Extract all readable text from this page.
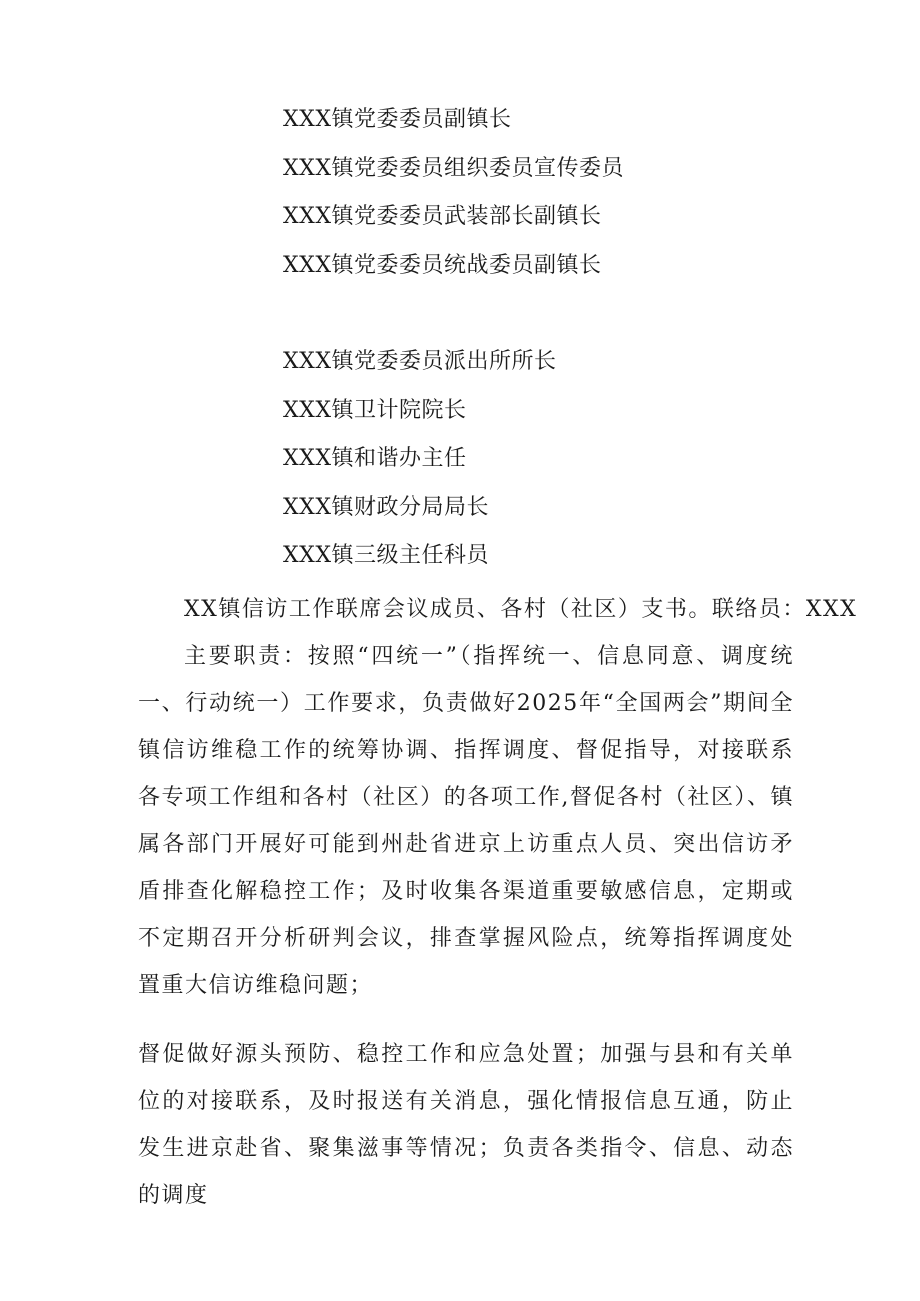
XXX镇党委委员副镇长
XXX镇党委委员组织委员宣传委员
XXX镇党委委员武装部长副镇长
XXX镇党委委员统战委员副镇长
XXX镇党委委员派出所所长
XXX镇卫计院院长
XXX镇和谐办主任
XXX镇财政分局局长
XXX镇三级主任科员

XX镇信访工作联席会议成员、各村（社区）支书。联络员：XXX

主要职责：按照“四统一”（指挥统一、信息同意、调度统一、行动统一）工作要求，负责做好2025年“全国两会”期间全镇信访维稳工作的统筹协调、指挥调度、督促指导，对接联系各专项工作组和各村（社区）的各项工作,督促各村（社区）、镇属各部门开展好可能到州赴省进京上访重点人员、突出信访矛盾排查化解稳控工作；及时收集各渠道重要敏感信息，定期或不定期召开分析研判会议，排查掌握风险点，统筹指挥调度处置重大信访维稳问题；

督促做好源头预防、稳控工作和应急处置；加强与县和有关单位的对接联系，及时报送有关消息，强化情报信息互通，防止发生进京赴省、聚集滋事等情况；负责各类指令、信息、动态的调度
